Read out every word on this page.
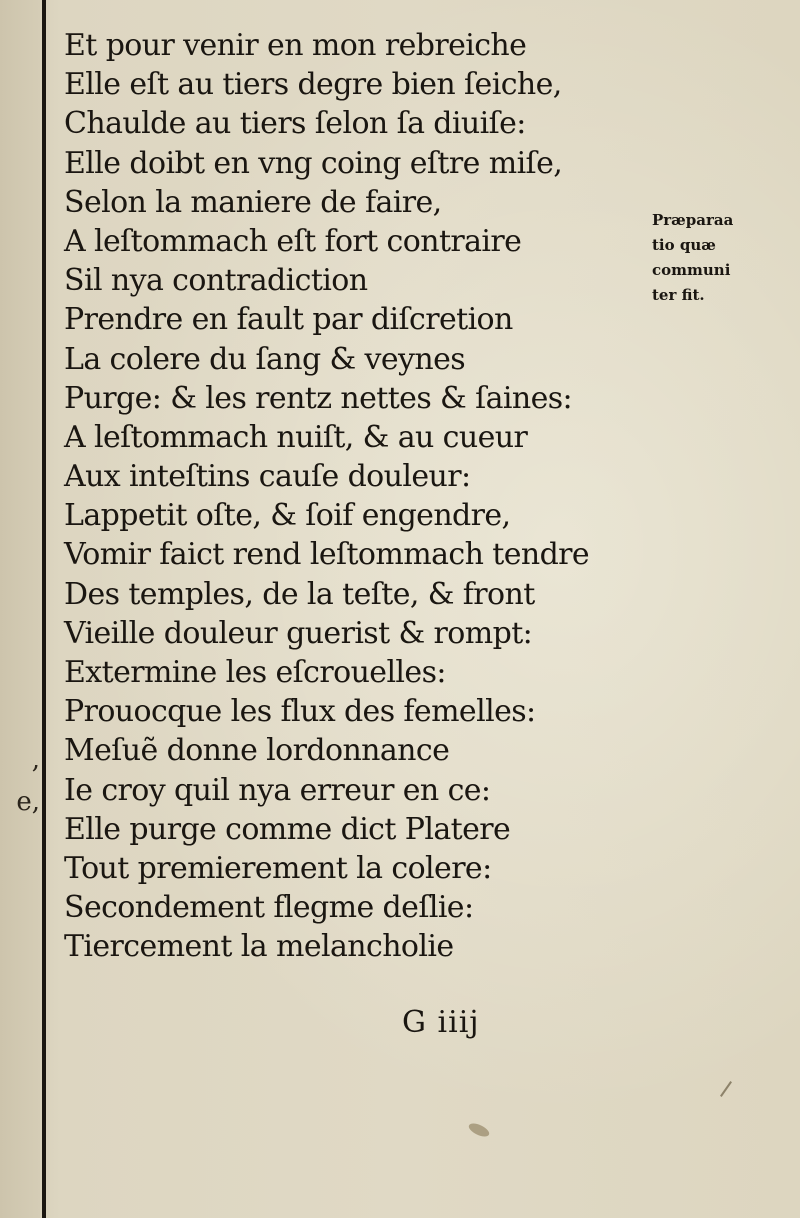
,
e,
Et pour venir en mon rebreiche
Elle eſt au tiers degre bien ſeiche,
Chaulde au tiers ſelon ſa diuiſe:
Elle doibt en vng coing eſtre miſe,
Selon la maniere de faire,
A leſtommach eſt fort contraire
Sil nya contradiction
Prendre en fault par diſcretion
La colere du ſang & veynes
Purge: & les rentz nettes & ſaines:
A leſtommach nuiſt, & au cueur
Aux inteſtins cauſe douleur:
Lappetit oſte, & ſoif engendre,
Vomir faict rend leſtommach tendre
Des temples, de la teſte, & front
Vieille douleur guerist & rompt:
Extermine les eſcrouelles:
Prouocque les flux des femelles:
Meſuẽ donne lordonnance
Ie croy quil nya erreur en ce:
Elle purge comme dict Platere
Tout premierement la colere:
Secondement flegme deſlie:
Tiercement la melancholie
Præparaa
tio quæ
communi
ter fit.
G iiij
